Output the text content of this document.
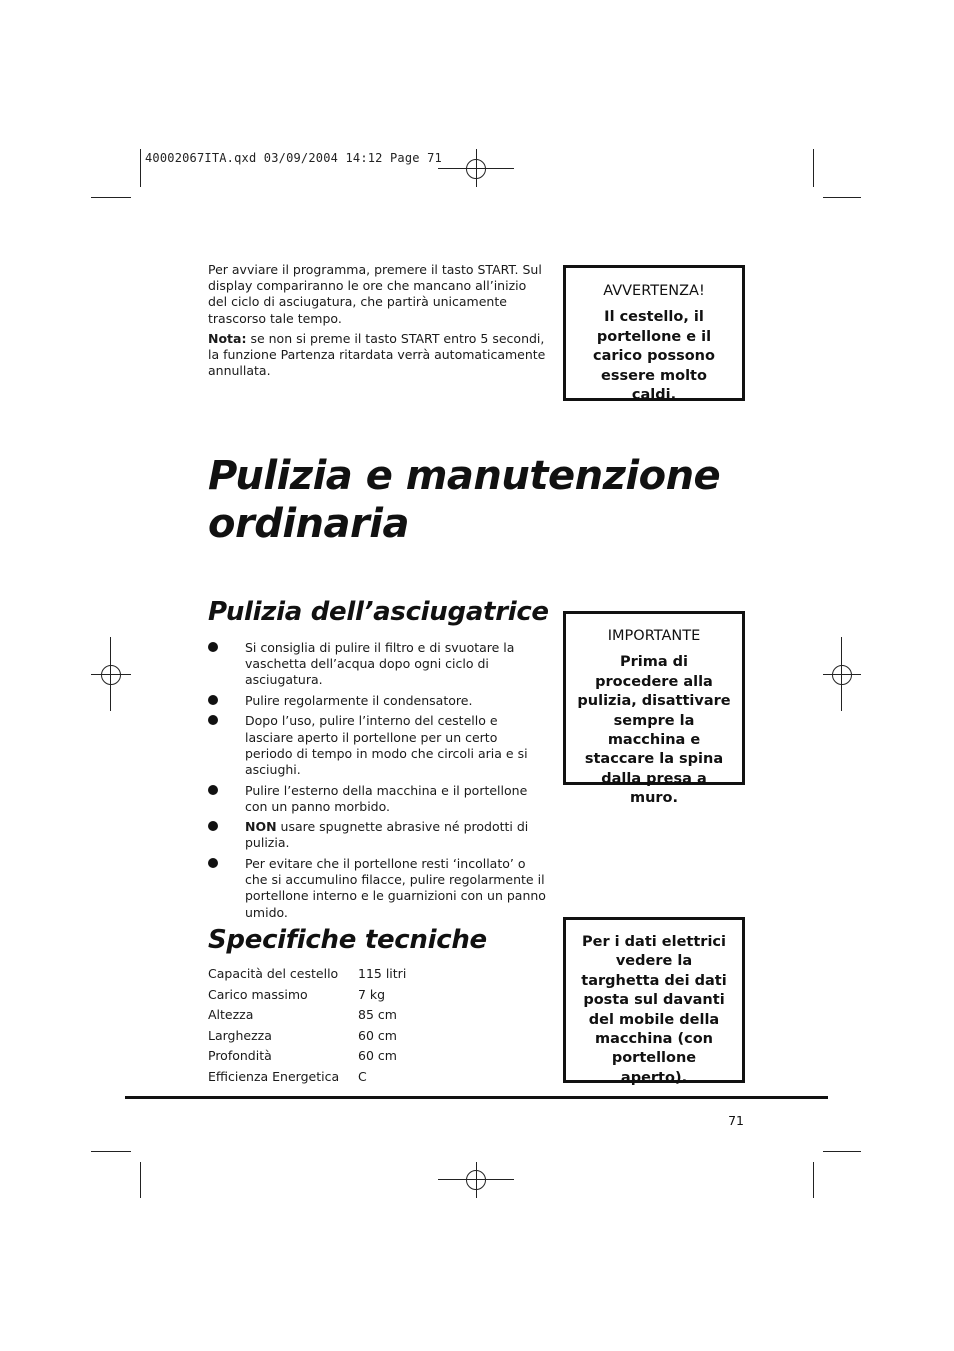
40002067ITA.qxd 03/09/2004 14:12 Page 71

Per avviare il programma, premere il tasto START. Sul display compariranno le ore che mancano all’inizio del ciclo di asciugatura, che partirà unicamente trascorso tale tempo.

Nota: se non si preme il tasto START entro 5 secondi, la funzione Partenza ritardata verrà automaticamente annullata.

AVVERTENZA!

Il cestello, il portellone e il carico possono essere molto caldi.

Pulizia e manutenzione ordinaria
Pulizia dell’asciugatrice
Si consiglia di pulire il filtro e di svuotare la vaschetta dell’acqua dopo ogni ciclo di asciugatura.
Pulire regolarmente il condensatore.
Dopo l’uso, pulire l’interno del cestello e lasciare aperto il portellone per un certo periodo di tempo in modo che circoli aria e si asciughi.
Pulire l’esterno della macchina e il portellone con un panno morbido.
NON usare spugnette abrasive né prodotti di pulizia.
Per evitare che il portellone resti ‘incollato’ o che si accumulino filacce, pulire regolarmente il portellone interno e le guarnizioni con un panno umido.

IMPORTANTE

Prima di procedere alla pulizia, disattivare sempre la macchina e staccare la spina dalla presa a muro.

Specifiche tecniche
Capacità del cestello	115 litri
Carico massimo	7 kg
Altezza	85 cm
Larghezza	60 cm
Profondità	60 cm
Efficienza Energetica	C

Per i dati elettrici vedere la targhetta dei dati posta sul davanti del mobile della macchina (con portellone aperto).

71
